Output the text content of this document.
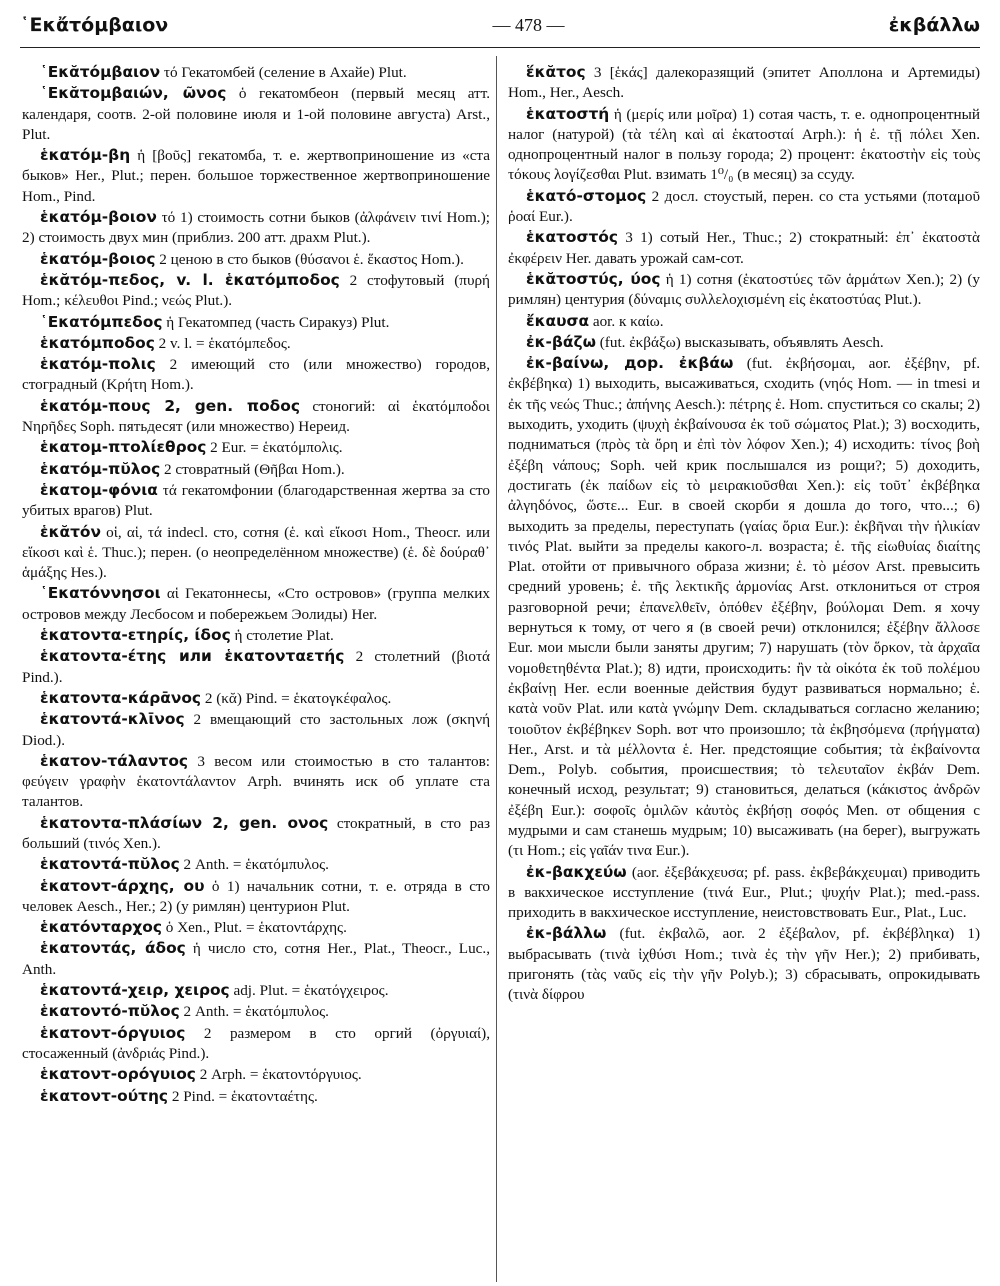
῾Εκἄτόμβαιον	— 478 —	ἐκβάλλω

῾Εκᾰτόμβαιον τό Гекатомбей (селение в Ахайе) Plut.

῾Εκᾰτομβαιών, ῶνος ὁ гекатомбеон (первый месяц атт. календаря, соотв. 2-ой половине июля и 1-ой половине августа) Arst., Plut.

ἑκατόμ-βη ἡ [βοῦς] гекатомба, т. е. жертвоприношение из «ста быков» Her., Plut.; перен. большое торжественное жертвоприношение Hom., Pind.

ἑκατόμ-βοιον τό 1) стоимость сотни быков (ἀλφάνειν τινί Hom.); 2) стоимость двух мин (приблиз. 200 атт. драхм Plut.).

ἑκατόμ-βοιος 2 ценою в сто быков (θύσανοι ἑ. ἕκαστος Hom.).

ἑκᾰτόμ-πεδος, v. l. ἑκατόμποδος 2 стофутовый (πυρή Hom.; κέλευθοι Pind.; νεώς Plut.).

῾Εκατόμπεδος ἡ Гекатомпед (часть Сиракуз) Plut.

ἑκατόμποδος 2 v. l. = ἑκατόμπεδος.

ἑκατόμ-πολις 2 имеющий сто (или множество) городов, стоградный (Κρήτη Hom.).

ἑκατόμ-πους 2, gen. ποδος стоногий: αἱ ἑκατόμποδοι Νηρῆδες Soph. пятьдесят (или множество) Нереид.

ἑκατομ-πτολίεθρος 2 Eur. = ἑκατόμπολις.

ἑκατόμ-πῠλος 2 стовратный (Θῆβαι Hom.).

ἑκατομ-φόνια τά гекатомфонии (благодарственная жертва за сто убитых врагов) Plut.

ἑκᾰτόν οἱ, αἱ, τά indecl. сто, сотня (ἑ. καὶ εἴκοσι Hom., Theocr. или εἴκοσι καὶ ἑ. Thuc.); перен. (о неопределённом множестве) (ἑ. δὲ δούραθ᾽ ἁμάξης Hes.).

῾Εκατόννησοι αἱ Гекатоннесы, «Сто островов» (группа мелких островов между Лесбосом и побережьем Эолиды) Her.

ἑκατοντα-ετηρίς, ίδος ἡ столетие Plat.

ἑκατοντα-έτης или ἑκατονταετής 2 столетний (βιοτά Pind.).

ἑκατοντα-κάρᾱνος 2 (κᾰ) Pind. = ἑκατογκέφαλος.

ἑκατοντά-κλῑνος 2 вмещающий сто застольных лож (σκηνή Diod.).

ἑκατον-τάλαντος 3 весом или стоимостью в сто талантов: φεύγειν γραφὴν ἑκατοντάλαντον Arph. вчинять иск об уплате ста талантов.

ἑκατοντα-πλάσίων 2, gen. ονος стократный, в сто раз больший (τινός Xen.).

ἑκατοντά-πῠλος 2 Anth. = ἑκατόμπυλος.

ἑκατοντ-άρχης, ου ὁ 1) начальник сотни, т. е. отряда в сто человек Aesch., Her.; 2) (у римлян) центурион Plut.

ἑκατόνταρχος ὁ Xen., Plut. = ἑκατοντάρχης.

ἑκατοντάς, άδος ἡ число сто, сотня Her., Plat., Theocr., Luc., Anth.

ἑκατοντά-χειρ, χειρος adj. Plut. = ἑκατόγχειρος.

ἑκατοντό-πῠλος 2 Anth. = ἑκατόμπυλος.

ἑκατοντ-όργυιος 2 размером в сто оргий (ὀργυιαί), стосаженный (ἀνδριάς Pind.).

ἑκατοντ-ορόγυιος 2 Arph. = ἑκατοντόργυιος.

ἑκατοντ-ούτης 2 Pind. = ἑκατονταέτης.

ἕκᾰτος 3 [ἑκάς] далекоразящий (эпитет Аполлона и Артемиды) Hom., Her., Aesch.

ἑκατοστή ἡ (μερίς или μοῖρα) 1) сотая часть, т. е. однопроцентный налог (натурой) (τὰ τέλη καὶ αἱ ἑκατοσταί Arph.): ἡ ἑ. τῇ πόλει Xen. однопроцентный налог в пользу города; 2) процент: ἑκατοστὴν εἰς τοὺς τόκους λογίζεσθαι Plut. взимать 1⁰/₀ (в месяц) за ссуду.

ἑκατό-στομος 2 досл. стоустый, перен. со ста устьями (ποταμοῦ ῥοαί Eur.).

ἑκατοστός 3 1) сотый Her., Thuc.; 2) стократный: ἐπ᾽ ἑκατοστὰ ἐκφέρειν Her. давать урожай сам-сот.

ἑκᾰτοστύς, ύος ἡ 1) сотня (ἑκατοστύες τῶν ἁρμάτων Xen.); 2) (у римлян) центурия (δύναμις συλλελοχισμένη εἰς ἑκατοστύας Plut.).

ἔκαυσα aor. к καίω.

ἐκ-βάζω (fut. ἐκβάξω) высказывать, объявлять Aesch.

ἐκ-βαίνω, дор. ἐκβάω (fut. ἐκβήσομαι, aor. ἐξέβην, pf. ἐκβέβηκα) 1) выходить, высаживаться, сходить (νηός Hom. — in tmesi и ἐκ τῆς νεώς Thuc.; ἀπήνης Aesch.): πέτρης ἑ. Hom. спуститься со скалы; 2) выходить, уходить (ψυχὴ ἐκβαίνουσα ἐκ τοῦ σώματος Plat.); 3) восходить, подниматься (πρὸς τὰ ὄρη и ἐπὶ τὸν λόφον Xen.); 4) исходить: τίνος βοὴ ἐξέβη νάπους; Soph. чей крик послышался из рощи?; 5) доходить, достигать (ἐκ παίδων εἰς τὸ μειρακιοῦσθαι Xen.): εἰς τοῦτ᾽ ἐκβέβηκα ἀλγηδόνος, ὥστε... Eur. в своей скорби я дошла до того, что...; 6) выходить за пределы, переступать (γαίας ὅρια Eur.): ἐκβῆναι τὴν ἡλικίαν τινός Plat. выйти за пределы какого-л. возраста; ἑ. τῆς εἰωθυίας διαίτης Plat. отойти от привычного образа жизни; ἑ. τὸ μέσον Arst. превысить средний уровень; ἑ. τῆς λεκτικῆς ἁρμονίας Arst. отклониться от строя разговорной речи; ἐπανελθεῖν, ὁπόθεν ἐξέβην, βούλομαι Dem. я хочу вернуться к тому, от чего я (в своей речи) отклонился; ἐξέβην ἄλλοσε Eur. мои мысли были заняты другим; 7) нарушать (τὸν ὅρκον, τὰ ἀρχαῖα νομοθετηθέντα Plat.); 8) идти, происходить: ἢν τὰ οἰκότα ἐκ τοῦ πολέμου ἐκβαίνῃ Her. если военные действия будут развиваться нормально; ἑ. κατὰ νοῦν Plat. или κατὰ γνώμην Dem. складываться согласно желанию; τοιοῦτον ἐκβέβηκεν Soph. вот что произошло; τὰ ἐκβησόμενα (πρήγματα) Her., Arst. и τὰ μέλλοντα ἑ. Her. предстоящие события; τὰ ἐκβαίνοντα Dem., Polyb. события, происшествия; τὸ τελευταῖον ἐκβάν Dem. конечный исход, результат; 9) становиться, делаться (κάκιστος ἀνδρῶν ἐξέβη Eur.): σοφοῖς ὁμιλῶν κἀυτὸς ἐκβήσῃ σοφός Men. от общения с мудрыми и сам станешь мудрым; 10) высаживать (на берег), выгружать (τι Hom.; εἰς γαῖάν τινα Eur.).

ἐκ-βακχεύω (aor. ἐξεβάκχευσα; pf. pass. ἐκβεβάκχευμαι) приводить в вакхическое исступление (τινά Eur., Plut.; ψυχήν Plat.); med.-pass. приходить в вакхическое исступление, неистовствовать Eur., Plat., Luc.

ἐκ-βάλλω (fut. ἐκβαλῶ, aor. 2 ἐξέβαλον, pf. ἐκβέβληκα) 1) выбрасывать (τινὰ ἰχθύσι Hom.; τινὰ ἐς τὴν γῆν Her.); 2) прибивать, пригонять (τὰς ναῦς εἰς τὴν γῆν Polyb.); 3) сбрасывать, опрокидывать (τινὰ δίφρου
